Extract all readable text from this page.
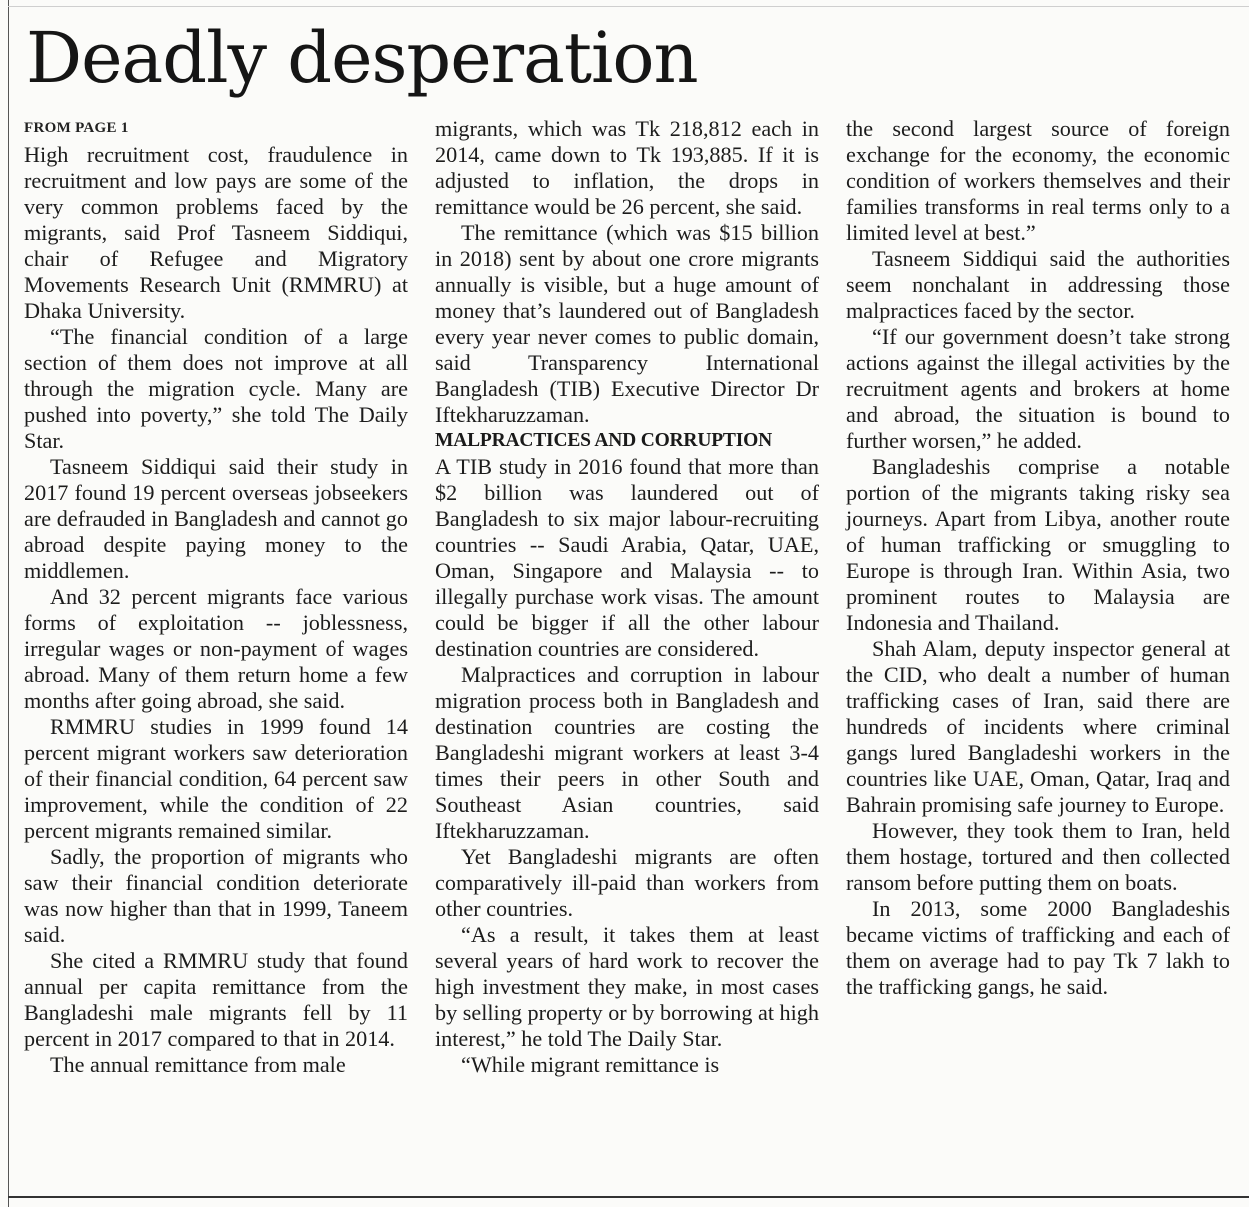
Deadly desperation
FROM PAGE 1

High recruitment cost, fraudulence in recruitment and low pays are some of the very common problems faced by the migrants, said Prof Tasneem Siddiqui, chair of Refugee and Migratory Movements Research Unit (RMMRU) at Dhaka University.

“The financial condition of a large section of them does not improve at all through the migration cycle. Many are pushed into poverty,” she told The Daily Star.

Tasneem Siddiqui said their study in 2017 found 19 percent overseas jobseekers are defrauded in Bangladesh and cannot go abroad despite paying money to the middlemen.

And 32 percent migrants face various forms of exploitation -- joblessness, irregular wages or non-payment of wages abroad. Many of them return home a few months after going abroad, she said.

RMMRU studies in 1999 found 14 percent migrant workers saw deterioration of their financial condition, 64 percent saw improvement, while the condition of 22 percent migrants remained similar.

Sadly, the proportion of migrants who saw their financial condition deteriorate was now higher than that in 1999, Taneem said.

She cited a RMMRU study that found annual per capita remittance from the Bangladeshi male migrants fell by 11 percent in 2017 compared to that in 2014.

The annual remittance from male

migrants, which was Tk 218,812 each in 2014, came down to Tk 193,885. If it is adjusted to inflation, the drops in remittance would be 26 percent, she said.

The remittance (which was $15 billion in 2018) sent by about one crore migrants annually is visible, but a huge amount of money that’s laundered out of Bangladesh every year never comes to public domain, said Transparency International Bangladesh (TIB) Executive Director Dr Iftekharuzzaman.

MALPRACTICES AND CORRUPTION

A TIB study in 2016 found that more than $2 billion was laundered out of Bangladesh to six major labour-recruiting countries -- Saudi Arabia, Qatar, UAE, Oman, Singapore and Malaysia -- to illegally purchase work visas. The amount could be bigger if all the other labour destination countries are considered.

Malpractices and corruption in labour migration process both in Bangladesh and destination countries are costing the Bangladeshi migrant workers at least 3-4 times their peers in other South and Southeast Asian countries, said Iftekharuzzaman.

Yet Bangladeshi migrants are often comparatively ill-paid than workers from other countries.

“As a result, it takes them at least several years of hard work to recover the high investment they make, in most cases by selling property or by borrowing at high interest,” he told The Daily Star.

“While migrant remittance is

the second largest source of foreign exchange for the economy, the economic condition of workers themselves and their families transforms in real terms only to a limited level at best.”

Tasneem Siddiqui said the authorities seem nonchalant in addressing those malpractices faced by the sector.

“If our government doesn’t take strong actions against the illegal activities by the recruitment agents and brokers at home and abroad, the situation is bound to further worsen,” he added.

Bangladeshis comprise a notable portion of the migrants taking risky sea journeys. Apart from Libya, another route of human trafficking or smuggling to Europe is through Iran. Within Asia, two prominent routes to Malaysia are Indonesia and Thailand.

Shah Alam, deputy inspector general at the CID, who dealt a number of human trafficking cases of Iran, said there are hundreds of incidents where criminal gangs lured Bangladeshi workers in the countries like UAE, Oman, Qatar, Iraq and Bahrain promising safe journey to Europe.

However, they took them to Iran, held them hostage, tortured and then collected ransom before putting them on boats.

In 2013, some 2000 Bangladeshis became victims of trafficking and each of them on average had to pay Tk 7 lakh to the trafficking gangs, he said.
